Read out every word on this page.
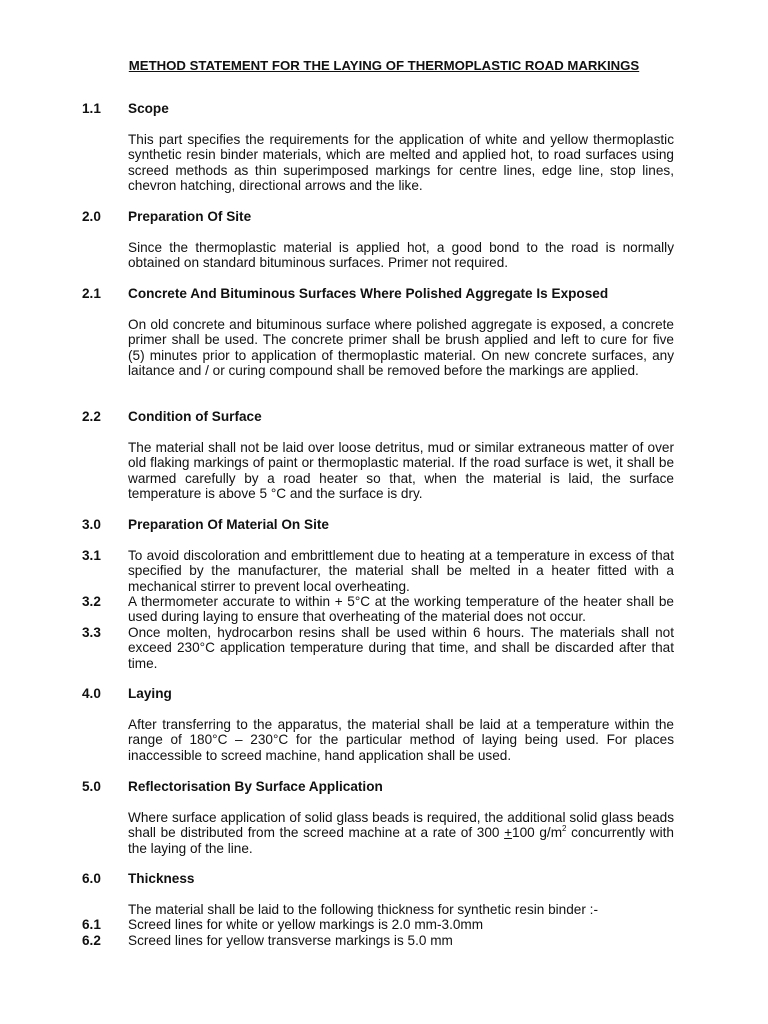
METHOD STATEMENT FOR THE LAYING OF THERMOPLASTIC ROAD MARKINGS
1.1 Scope
This part specifies the requirements for the application of white and yellow thermoplastic synthetic resin binder materials, which are melted and applied hot, to road surfaces using screed methods as thin superimposed markings for centre lines, edge line, stop lines, chevron hatching, directional arrows and the like.
2.0 Preparation Of Site
Since the thermoplastic material is applied hot, a good bond to the road is normally obtained on standard bituminous surfaces. Primer not required.
2.1 Concrete And Bituminous Surfaces Where Polished Aggregate Is Exposed
On old concrete and bituminous surface where polished aggregate is exposed, a concrete primer shall be used. The concrete primer shall be brush applied and left to cure for five (5) minutes prior to application of thermoplastic material. On new concrete surfaces, any laitance and / or curing compound shall be removed before the markings are applied.
2.2 Condition of Surface
The material shall not be laid over loose detritus, mud or similar extraneous matter of over old flaking markings of paint or thermoplastic material. If the road surface is wet, it shall be warmed carefully by a road heater so that, when the material is laid, the surface temperature is above 5 °C and the surface is dry.
3.0 Preparation Of Material On Site
3.1 To avoid discoloration and embrittlement due to heating at a temperature in excess of that specified by the manufacturer, the material shall be melted in a heater fitted with a mechanical stirrer to prevent local overheating.
3.2 A thermometer accurate to within + 5°C at the working temperature of the heater shall be used during laying to ensure that overheating of the material does not occur.
3.3 Once molten, hydrocarbon resins shall be used within 6 hours. The materials shall not exceed 230°C application temperature during that time, and shall be discarded after that time.
4.0 Laying
After transferring to the apparatus, the material shall be laid at a temperature within the range of 180°C – 230°C for the particular method of laying being used. For places inaccessible to screed machine, hand application shall be used.
5.0 Reflectorisation By Surface Application
Where surface application of solid glass beads is required, the additional solid glass beads shall be distributed from the screed machine at a rate of 300 +100 $g/m^2$ concurrently with the laying of the line.
6.0 Thickness
The material shall be laid to the following thickness for synthetic resin binder :-
6.1 Screed lines for white or yellow markings is 2.0 mm-3.0mm
6.2 Screed lines for yellow transverse markings is 5.0 mm
